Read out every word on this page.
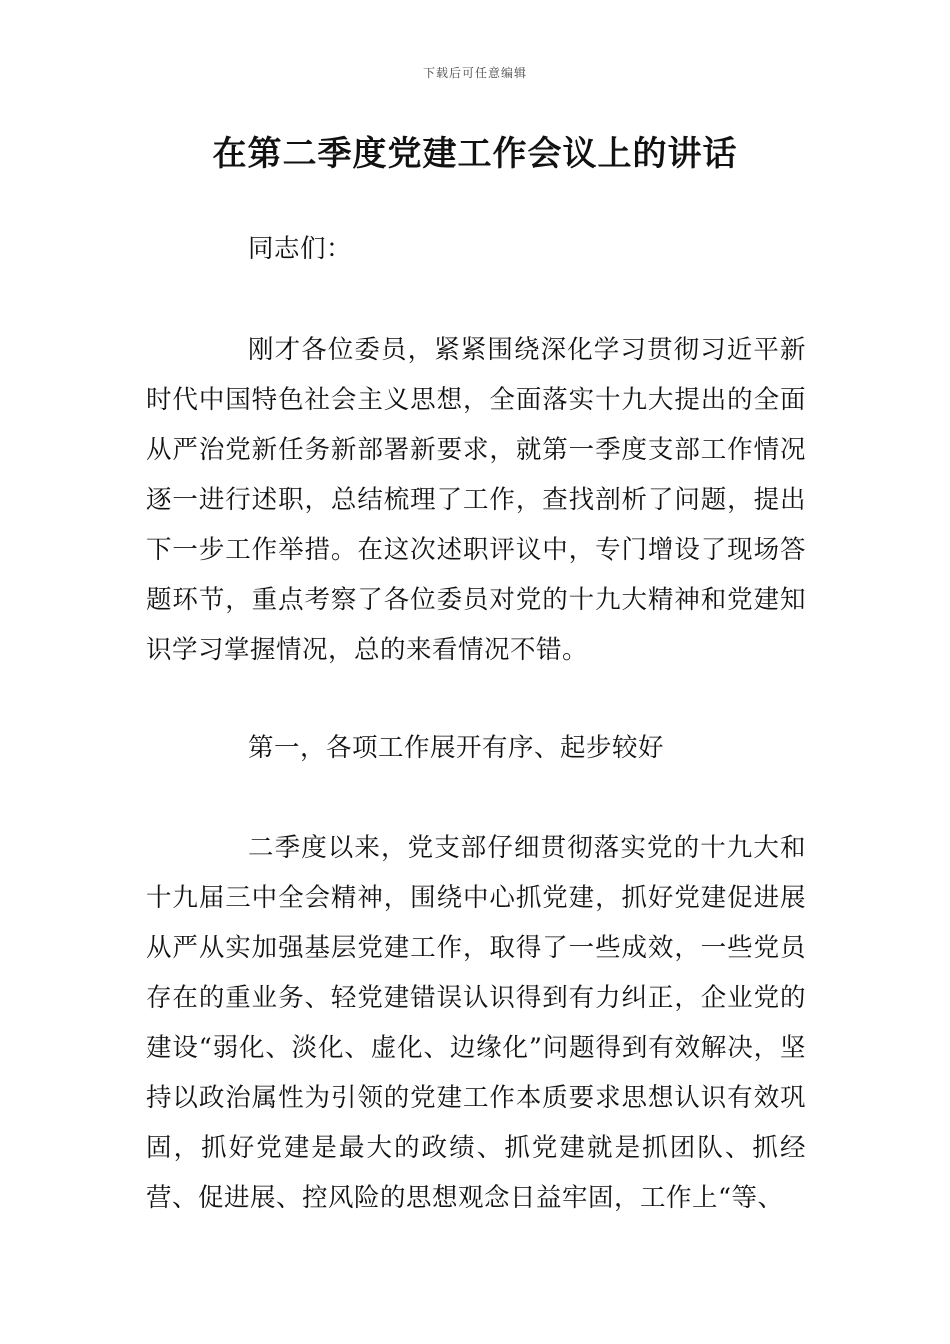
下载后可任意编辑
在第二季度党建工作会议上的讲话

同志们：

刚才各位委员，紧紧围绕深化学习贯彻习近平新时代中国特色社会主义思想，全面落实十九大提出的全面从严治党新任务新部署新要求，就第一季度支部工作情况逐一进行述职，总结梳理了工作，查找剖析了问题，提出下一步工作举措。在这次述职评议中，专门增设了现场答题环节，重点考察了各位委员对党的十九大精神和党建知识学习掌握情况，总的来看情况不错。

第一，各项工作展开有序、起步较好

二季度以来，党支部仔细贯彻落实党的十九大和十九届三中全会精神，围绕中心抓党建，抓好党建促进展从严从实加强基层党建工作，取得了一些成效，一些党员存在的重业务、轻党建错误认识得到有力纠正，企业党的建设“弱化、淡化、虚化、边缘化”问题得到有效解决，坚持以政治属性为引领的党建工作本质要求思想认识有效巩固，抓好党建是最大的政绩、抓党建就是抓团队、抓经营、促进展、控风险的思想观念日益牢固，工作上“等、
